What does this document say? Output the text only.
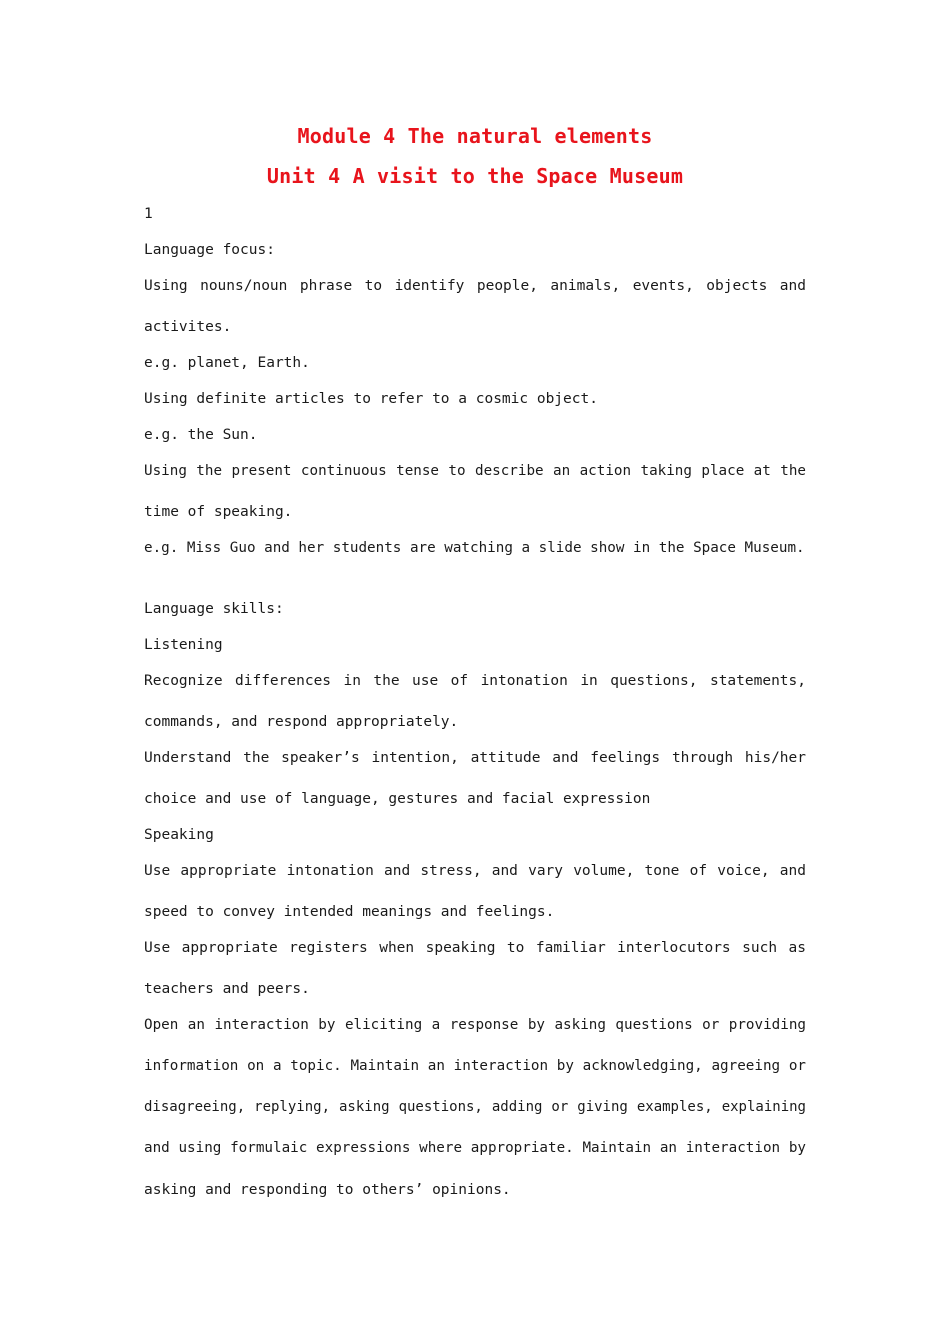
Module 4 The natural elements
Unit 4 A visit to the Space Museum
1
Language focus:
Using nouns/noun phrase to identify people, animals, events, objects and
activites.
e.g. planet, Earth.
Using definite articles to refer to a cosmic object.
e.g. the Sun.
Using the present continuous tense to describe an action taking place at the
time of speaking.
e.g. Miss Guo and her students are watching a slide show in the Space Museum.
Language skills:
Listening
Recognize differences in the use of intonation in questions, statements,
commands, and respond appropriately.
Understand the speaker’s intention, attitude and feelings through his/her
choice and use of language, gestures and facial expression
Speaking
Use appropriate intonation and stress, and vary volume, tone of voice, and
speed to convey intended meanings and feelings.
Use appropriate registers when speaking to familiar interlocutors such as
teachers and peers.
Open an interaction by eliciting a response by asking questions or providing
information on a topic. Maintain an interaction by acknowledging, agreeing or
disagreeing, replying, asking questions, adding or giving examples, explaining
and using formulaic expressions where appropriate. Maintain an interaction by
asking and responding to others’ opinions.
